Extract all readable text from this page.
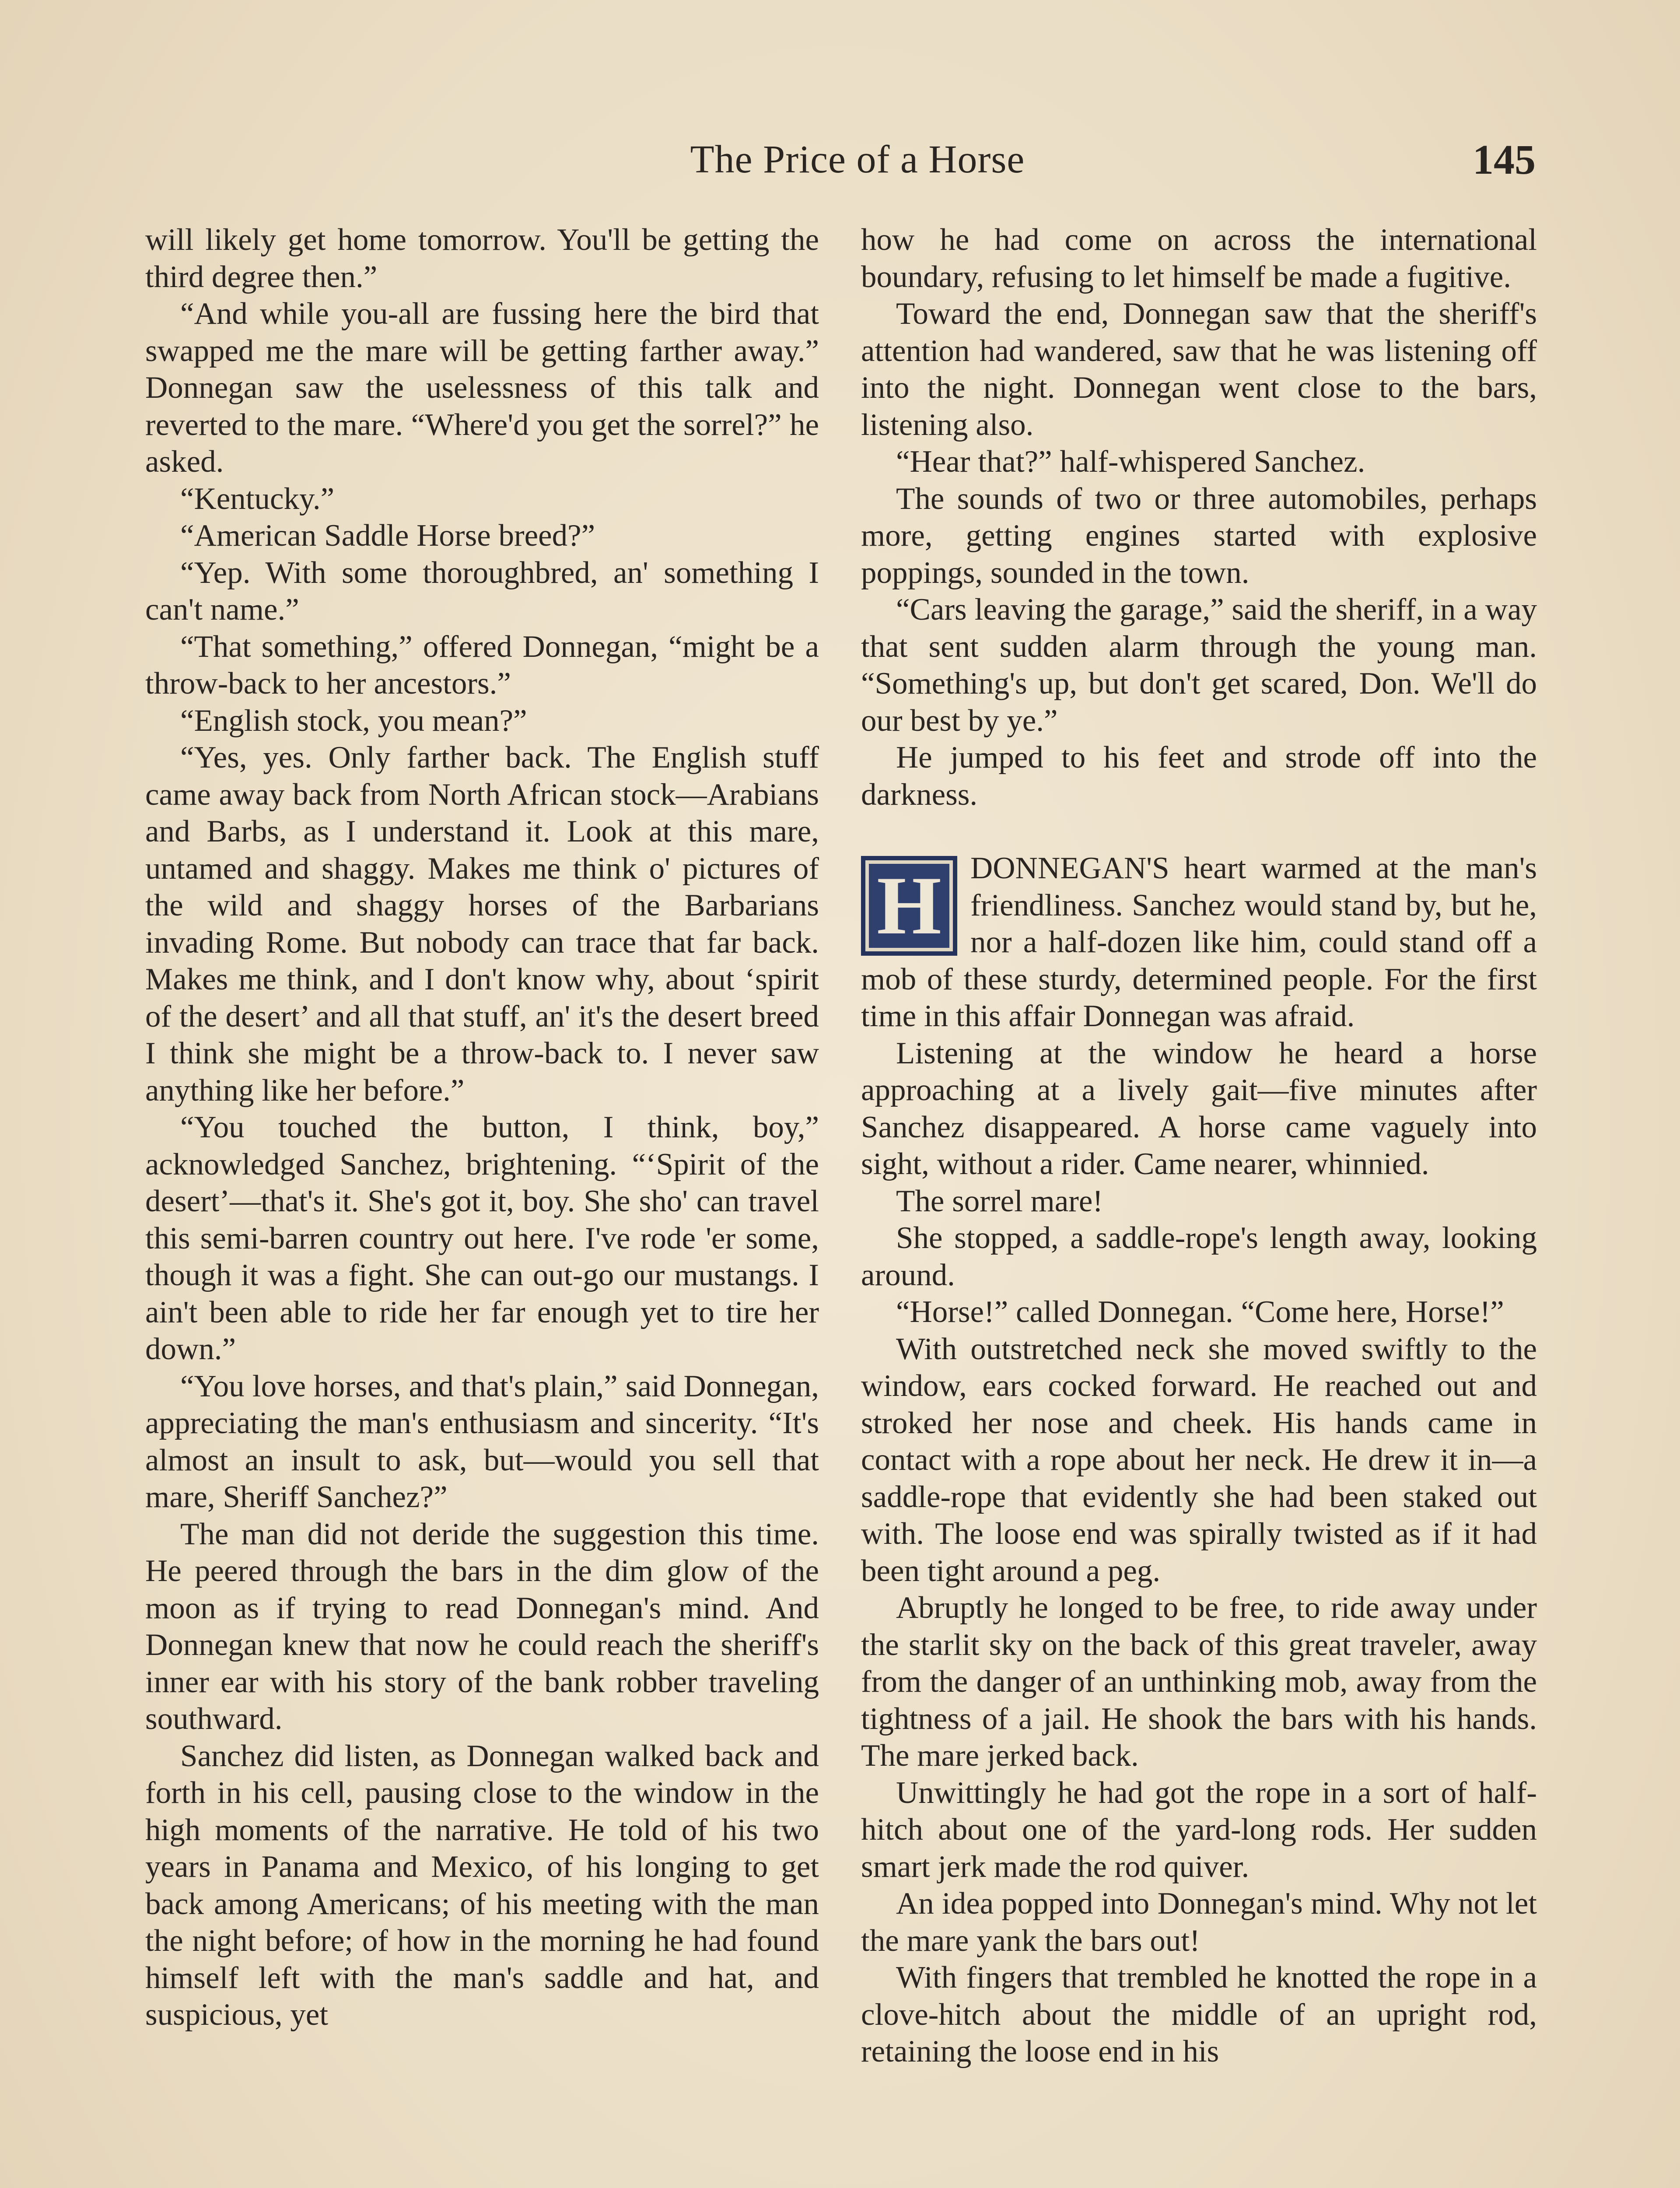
The Price of a Horse	145

will likely get home tomorrow. You'll be getting the third degree then.”

“And while you-all are fussing here the bird that swapped me the mare will be getting farther away.” Donnegan saw the uselessness of this talk and reverted to the mare. “Where'd you get the sorrel?” he asked.

“Kentucky.”

“American Saddle Horse breed?”

“Yep. With some thoroughbred, an' something I can't name.”

“That something,” offered Donnegan, “might be a throw-back to her ancestors.”

“English stock, you mean?”

“Yes, yes. Only farther back. The English stuff came away back from North African stock—Arabians and Barbs, as I understand it. Look at this mare, untamed and shaggy. Makes me think o' pictures of the wild and shaggy horses of the Barbarians invading Rome. But nobody can trace that far back. Makes me think, and I don't know why, about ‘spirit of the desert’ and all that stuff, an' it's the desert breed I think she might be a throw-back to. I never saw anything like her before.”

“You touched the button, I think, boy,” acknowledged Sanchez, brightening. “‘Spirit of the desert’—that's it. She's got it, boy. She sho' can travel this semi-barren country out here. I've rode 'er some, though it was a fight. She can out-go our mustangs. I ain't been able to ride her far enough yet to tire her down.”

“You love horses, and that's plain,” said Donnegan, appreciating the man's enthusiasm and sincerity. “It's almost an insult to ask, but—would you sell that mare, Sheriff Sanchez?”

The man did not deride the suggestion this time. He peered through the bars in the dim glow of the moon as if trying to read Donnegan's mind. And Donnegan knew that now he could reach the sheriff's inner ear with his story of the bank robber traveling southward.

Sanchez did listen, as Donnegan walked back and forth in his cell, pausing close to the window in the high moments of the narrative. He told of his two years in Panama and Mexico, of his longing to get back among Americans; of his meeting with the man the night before; of how in the morning he had found himself left with the man's saddle and hat, and suspicious, yet

how he had come on across the international boundary, refusing to let himself be made a fugitive.

Toward the end, Donnegan saw that the sheriff's attention had wandered, saw that he was listening off into the night. Donnegan went close to the bars, listening also.

“Hear that?” half-whispered Sanchez.

The sounds of two or three automobiles, perhaps more, getting engines started with explosive poppings, sounded in the town.

“Cars leaving the garage,” said the sheriff, in a way that sent sudden alarm through the young man. “Something's up, but don't get scared, Don. We'll do our best by ye.”

He jumped to his feet and strode off into the darkness.

H DONNEGAN'S heart warmed at the man's friendliness. Sanchez would stand by, but he, nor a half-dozen like him, could stand off a mob of these sturdy, determined people. For the first time in this affair Donnegan was afraid.

Listening at the window he heard a horse approaching at a lively gait—five minutes after Sanchez disappeared. A horse came vaguely into sight, without a rider. Came nearer, whinnied.

The sorrel mare!

She stopped, a saddle-rope's length away, looking around.

“Horse!” called Donnegan. “Come here, Horse!”

With outstretched neck she moved swiftly to the window, ears cocked forward. He reached out and stroked her nose and cheek. His hands came in contact with a rope about her neck. He drew it in—a saddle-rope that evidently she had been staked out with. The loose end was spirally twisted as if it had been tight around a peg.

Abruptly he longed to be free, to ride away under the starlit sky on the back of this great traveler, away from the danger of an unthinking mob, away from the tightness of a jail. He shook the bars with his hands. The mare jerked back.

Unwittingly he had got the rope in a sort of half-hitch about one of the yard-long rods. Her sudden smart jerk made the rod quiver.

An idea popped into Donnegan's mind. Why not let the mare yank the bars out!

With fingers that trembled he knotted the rope in a clove-hitch about the middle of an upright rod, retaining the loose end in his
